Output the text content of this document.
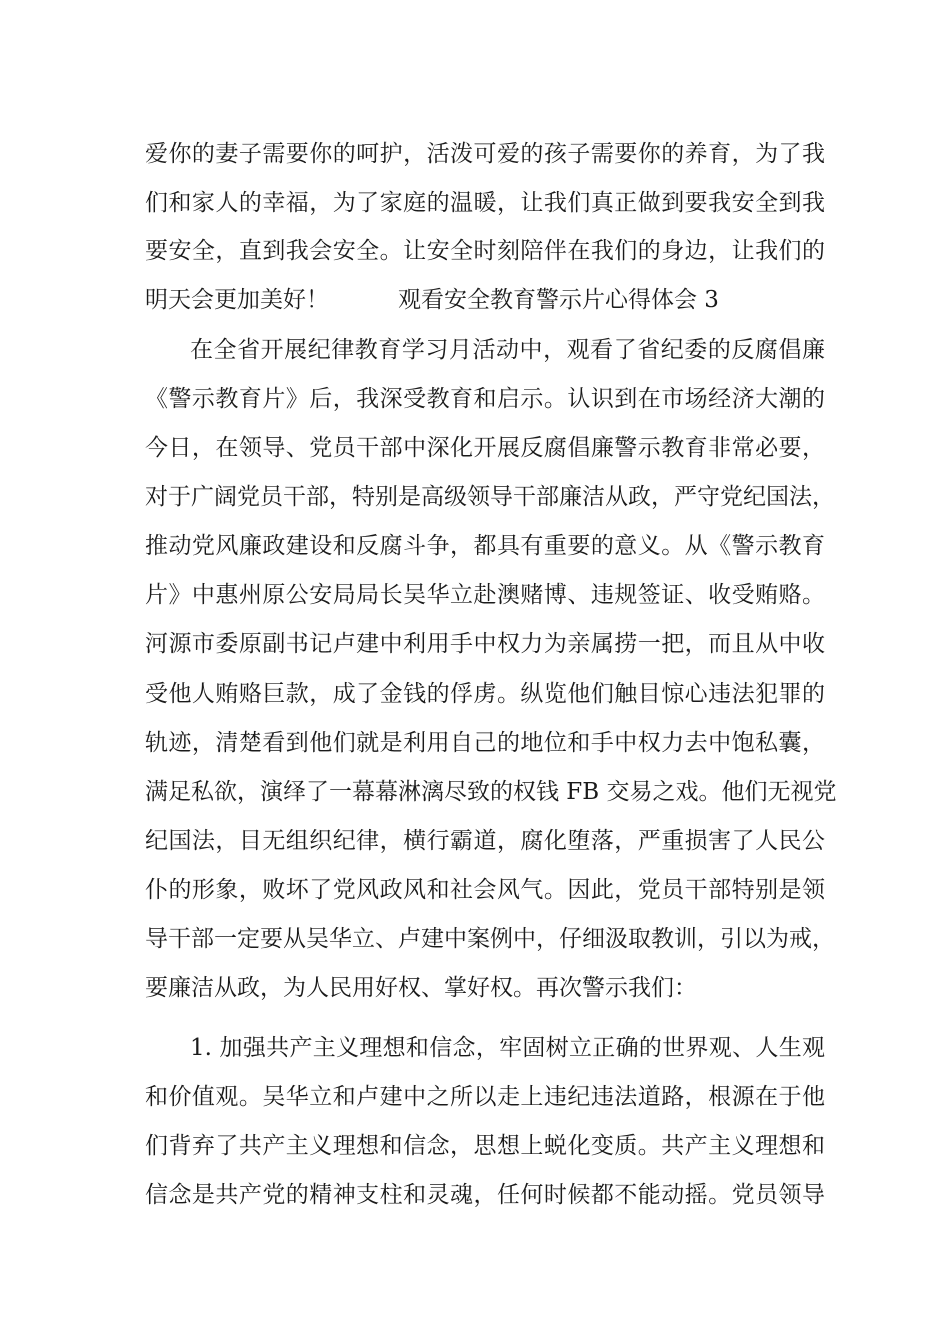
爱你的妻子需要你的呵护，活泼可爱的孩子需要你的养育，为了我
们和家人的幸福，为了家庭的温暖，让我们真正做到要我安全到我
要安全，直到我会安全。让安全时刻陪伴在我们的身边，让我们的
明天会更加美好！　　　观看安全教育警示片心得体会 3
在全省开展纪律教育学习月活动中，观看了省纪委的反腐倡廉
《警示教育片》后，我深受教育和启示。认识到在市场经济大潮的
今日，在领导、党员干部中深化开展反腐倡廉警示教育非常必要，
对于广阔党员干部，特别是高级领导干部廉洁从政，严守党纪国法，
推动党风廉政建设和反腐斗争，都具有重要的意义。从《警示教育
片》中惠州原公安局局长吴华立赴澳赌博、违规签证、收受贿赂。
河源市委原副书记卢建中利用手中权力为亲属捞一把，而且从中收
受他人贿赂巨款，成了金钱的俘虏。纵览他们触目惊心违法犯罪的
轨迹，清楚看到他们就是利用自己的地位和手中权力去中饱私囊，
满足私欲，演绎了一幕幕淋漓尽致的权钱 FB 交易之戏。他们无视党
纪国法，目无组织纪律，横行霸道，腐化堕落，严重损害了人民公
仆的形象，败坏了党风政风和社会风气。因此，党员干部特别是领
导干部一定要从吴华立、卢建中案例中，仔细汲取教训，引以为戒，
要廉洁从政，为人民用好权、掌好权。再次警示我们：
1. 加强共产主义理想和信念，牢固树立正确的世界观、人生观
和价值观。吴华立和卢建中之所以走上违纪违法道路，根源在于他
们背弃了共产主义理想和信念，思想上蜕化变质。共产主义理想和
信念是共产党的精神支柱和灵魂，任何时候都不能动摇。党员领导
